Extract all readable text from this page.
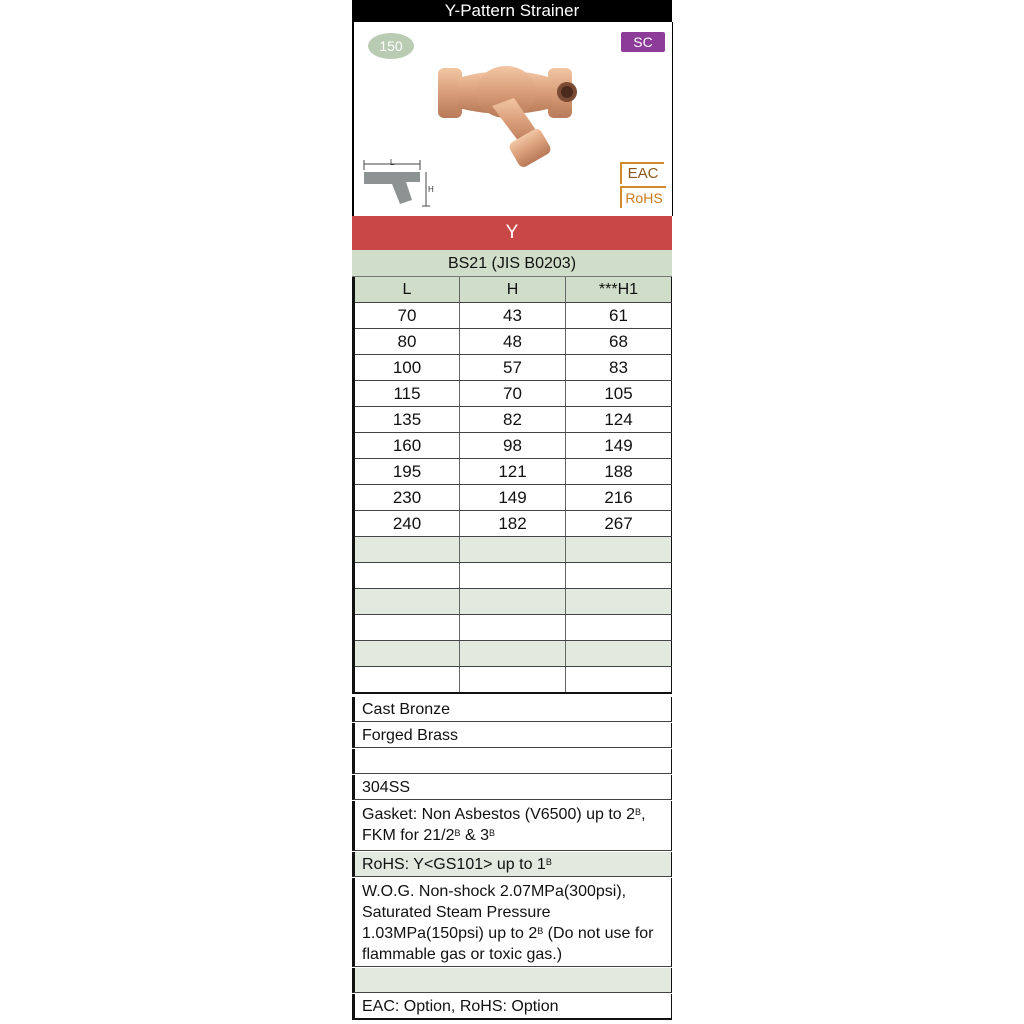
Y-Pattern Strainer
150	SC
L
H
EAC
RoHS
Y
BS21 (JIS B0203)
L	H	***H1
70	43	61
80	48	68
100	57	83
115	70	105
135	82	124
160	98	149
195	121	188
230	149	216
240	182	267

Cast Bronze
Forged Brass
304SS
Gasket: Non Asbestos (V6500) up to $2^B$, FKM for $21/2^B$ & $3^B$
RoHS: Y<GS101> up to $1^B$
W.O.G. Non-shock 2.07MPa(300psi), Saturated Steam Pressure 1.03MPa(150psi) up to $2^B$ (Do not use for flammable gas or toxic gas.)
EAC: Option, RoHS: Option
